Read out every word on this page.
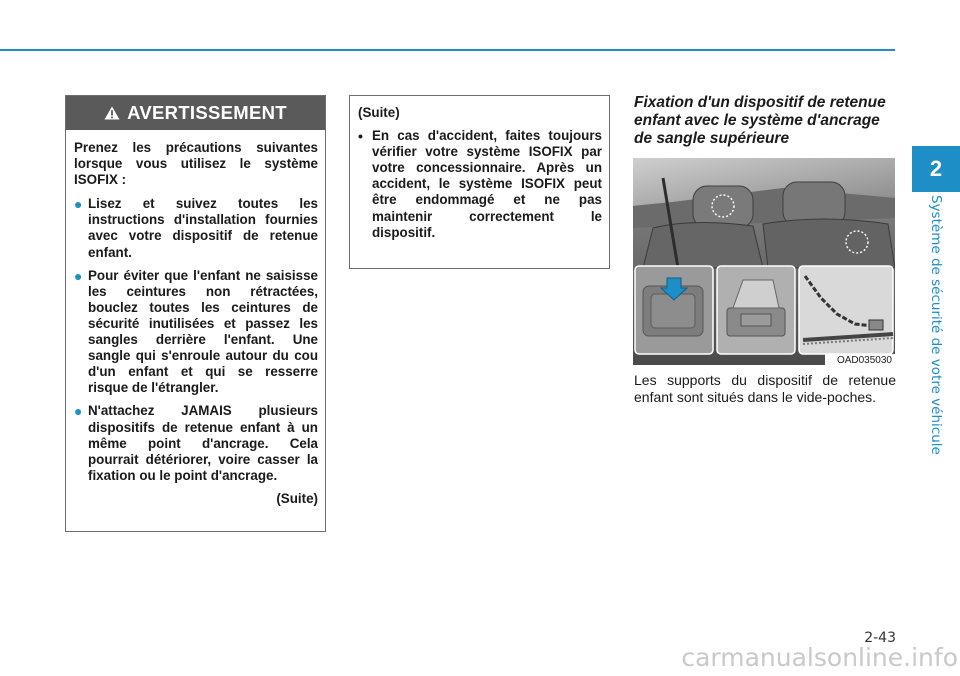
2
Système de sécurité de votre véhicule
AVERTISSEMENT

Prenez les précautions suivantes lorsque vous utilisez le système ISOFIX :

● Lisez et suivez toutes les instructions d'installation fournies avec votre dispositif de retenue enfant.
● Pour éviter que l'enfant ne saisisse les ceintures non rétractées, bouclez toutes les ceintures de sécurité inutilisées et passez les sangles derrière l'enfant. Une sangle qui s'enroule autour du cou d'un enfant et qui se resserre risque de l'étrangler.
● N'attachez JAMAIS plusieurs dispositifs de retenue enfant à un même point d'ancrage. Cela pourrait détériorer, voire casser la fixation ou le point d'ancrage.
(Suite)
(Suite)
• En cas d'accident, faites toujours vérifier votre système ISOFIX par votre concessionnaire. Après un accident, le système ISOFIX peut être endommagé et ne pas maintenir correctement le dispositif.
Fixation d'un dispositif de retenue enfant avec le système d'ancrage de sangle supérieure
OAD035030
Les supports du dispositif de retenue enfant sont situés dans le vide-poches.
2-43
carmanualsonline.info
